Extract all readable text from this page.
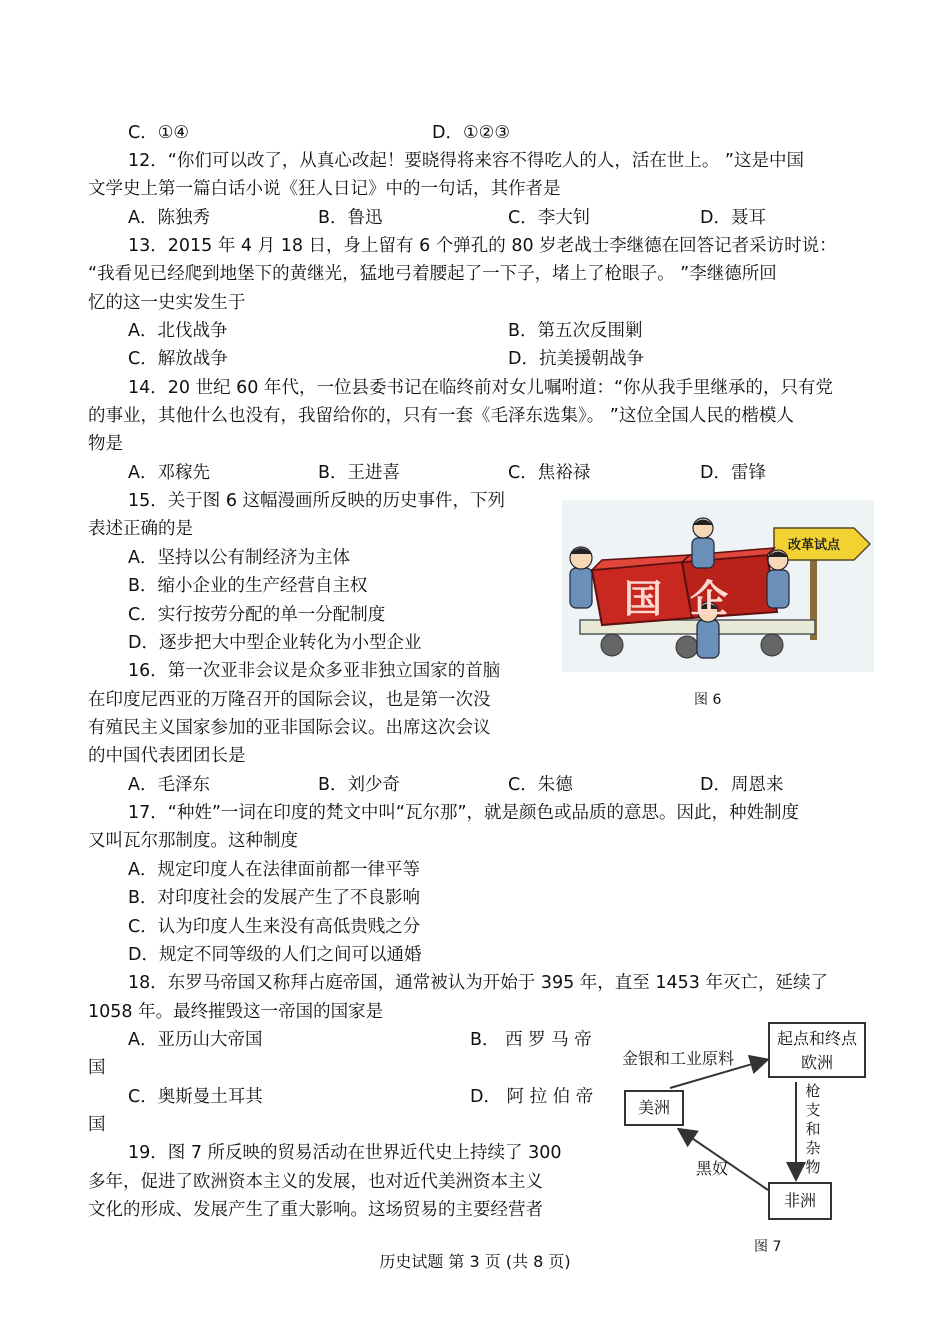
C．①④	D．①②③
12．“你们可以改了，从真心改起！要晓得将来容不得吃人的人，活在世上。 ”这是中国
文学史上第一篇白话小说《狂人日记》中的一句话，其作者是
A．陈独秀	B．鲁迅	C．李大钊	D．聂耳
13．2015 年 4 月 18 日，身上留有 6 个弹孔的 80 岁老战士李继德在回答记者采访时说：
“我看见已经爬到地堡下的黄继光，猛地弓着腰起了一下子，堵上了枪眼子。 ”李继德所回
忆的这一史实发生于
A．北伐战争	B．第五次反围剿
C．解放战争	D．抗美援朝战争
14．20 世纪 60 年代，一位县委书记在临终前对女儿嘱咐道：“你从我手里继承的，只有党
的事业，其他什么也没有，我留给你的，只有一套《毛泽东选集》。 ”这位全国人民的楷模人
物是
A．邓稼先	B．王进喜	C．焦裕禄	D．雷锋
15．关于图 6 这幅漫画所反映的历史事件，下列
表述正确的是
A．坚持以公有制经济为主体
B．缩小企业的生产经营自主权
C．实行按劳分配的单一分配制度
D．逐步把大中型企业转化为小型企业
16．第一次亚非会议是众多亚非独立国家的首脑
在印度尼西亚的万隆召开的国际会议，也是第一次没
有殖民主义国家参加的亚非国际会议。出席这次会议
的中国代表团团长是
A．毛泽东	B．刘少奇	C．朱德	D．周恩来
17．“种姓”一词在印度的梵文中叫“瓦尔那”，就是颜色或品质的意思。因此，种姓制度
又叫瓦尔那制度。这种制度
A．规定印度人在法律面前都一律平等
B．对印度社会的发展产生了不良影响
C．认为印度人生来没有高低贵贱之分
D．规定不同等级的人们之间可以通婚
18．东罗马帝国又称拜占庭帝国，通常被认为开始于 395 年，直至 1453 年灭亡，延续了
1058 年。最终摧毁这一帝国的国家是
A．亚历山大帝国	B． 西 罗 马 帝
国
C．奥斯曼土耳其	D． 阿 拉 伯 帝
国
19．图 7 所反映的贸易活动在世界近代史上持续了 300
多年，促进了欧洲资本主义的发展，也对近代美洲资本主义
文化的形成、发展产生了重大影响。这场贸易的主要经营者
改革试点
国企
图 6
起点和终点 欧洲
美洲
非洲
金银和工业原料
枪支和杂物
黑奴
图 7
历史试题 第 3 页 (共 8 页)
